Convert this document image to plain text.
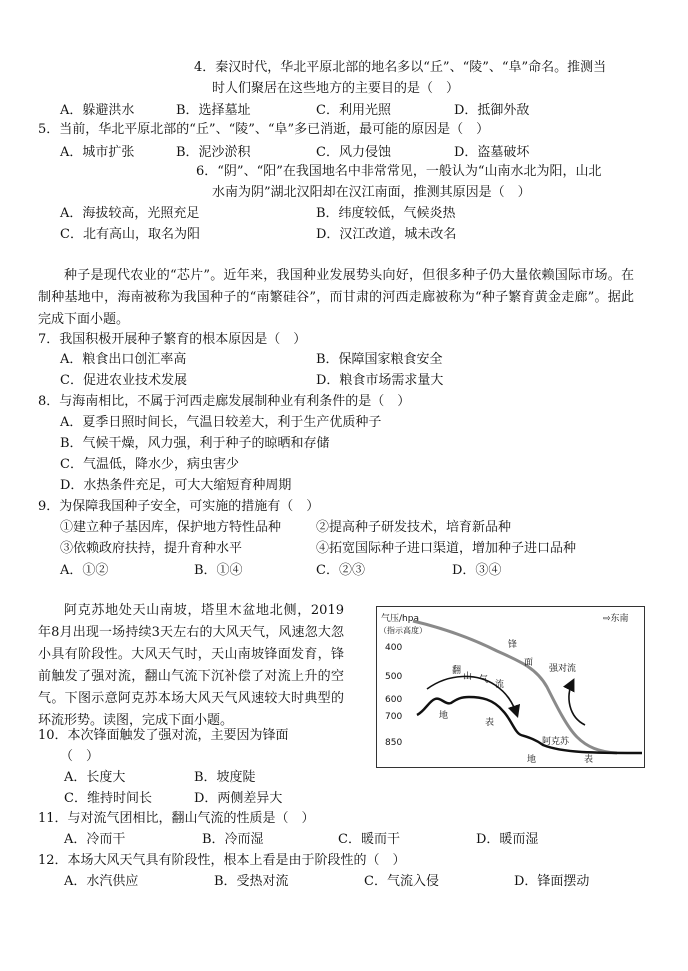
4．秦汉时代，华北平原北部的地名多以“丘”、“陵”、“阜”命名。推测当
时人们聚居在这些地方的主要目的是（　）
A．躲避洪水	B．选择墓址	C．利用光照	D．抵御外敌
5．当前，华北平原北部的“丘”、“陵”、“阜”多已消逝，最可能的原因是（　）
A．城市扩张	B．泥沙淤积	C．风力侵蚀	D．盗墓破坏
6．“阴”、“阳”在我国地名中非常常见，一般认为“山南水北为阳，山北
水南为阴”湖北汉阳却在汉江南面，推测其原因是（　）
A．海拔较高，光照充足	B．纬度较低，气候炎热
C．北有高山，取名为阳	D．汉江改道，城未改名
种子是现代农业的“芯片”。近年来，我国种业发展势头向好，但很多种子仍大量依赖国际市场。在制种基地中，海南被称为我国种子的“南繁硅谷”，而甘肃的河西走廊被称为“种子繁育黄金走廊”。据此完成下面小题。
7．我国积极开展种子繁育的根本原因是（　）
A．粮食出口创汇率高	B．保障国家粮食安全
C．促进农业技术发展	D．粮食市场需求量大
8．与海南相比，不属于河西走廊发展制种业有利条件的是（　）
A．夏季日照时间长，气温日较差大，利于生产优质种子
B．气候干燥，风力强，利于种子的晾晒和存储
C．气温低，降水少，病虫害少
D．水热条件充足，可大大缩短育种周期
9．为保障我国种子安全，可实施的措施有（　）
①建立种子基因库，保护地方特性品种	②提高种子研发技术，培育新品种
③依赖政府扶持，提升育种水平	④拓宽国际种子进口渠道，增加种子进口品种
A．①②	B．①④	C．②③	D．③④
阿克苏地处天山南坡，塔里木盆地北侧，2019年8月出现一场持续3天左右的大风天气，风速忽大忽小具有阶段性。大风天气时，天山南坡锋面发育，锋前触发了强对流，翻山气流下沉补偿了对流上升的空气。下图示意阿克苏本场大风天气风速较大时典型的环流形势。读图，完成下面小题。
气压/hpa
（指示高度）
⇨东南
400
500
600
700
850
锋
面
翻
山 气 流
强对流
地
表
阿克苏
地	表
10．本次锋面触发了强对流，主要因为锋面
（　）
A．长度大	B．坡度陡
C．维持时间长	D．两侧差异大
11．与对流气团相比，翻山气流的性质是（　）
A．冷而干	B．冷而湿	C．暖而干	D．暖而湿
12．本场大风天气具有阶段性，根本上看是由于阶段性的（　）
A．水汽供应	B．受热对流	C．气流入侵	D．锋面摆动
